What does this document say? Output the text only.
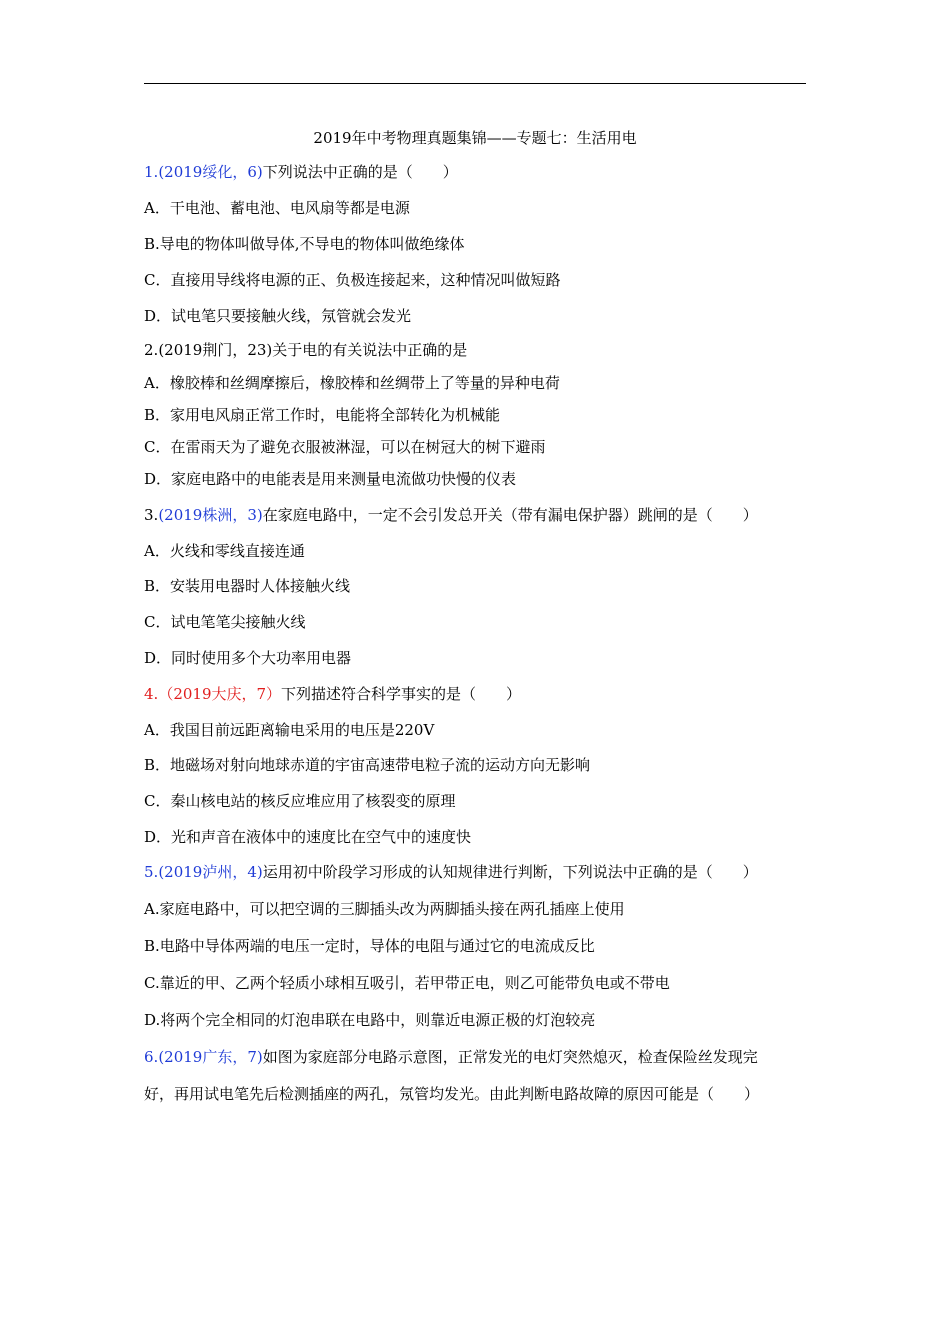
2019年中考物理真题集锦——专题七：生活用电
1.(2019绥化，6)下列说法中正确的是（　　）
A．干电池、蓄电池、电风扇等都是电源
B.导电的物体叫做导体,不导电的物体叫做绝缘体
C．直接用导线将电源的正、负极连接起来，这种情况叫做短路
D．试电笔只要接触火线，氖管就会发光
2.(2019荆门，23)关于电的有关说法中正确的是
A．橡胶棒和丝绸摩擦后，橡胶棒和丝绸带上了等量的异种电荷
B．家用电风扇正常工作时，电能将全部转化为机械能
C．在雷雨天为了避免衣服被淋湿，可以在树冠大的树下避雨
D．家庭电路中的电能表是用来测量电流做功快慢的仪表
3.(2019株洲，3)在家庭电路中，一定不会引发总开关（带有漏电保护器）跳闸的是（　　）
A．火线和零线直接连通
B．安装用电器时人体接触火线
C．试电笔笔尖接触火线
D．同时使用多个大功率用电器
4.（2019大庆，7）下列描述符合科学事实的是（　　）
A．我国目前远距离输电采用的电压是220V
B．地磁场对射向地球赤道的宇宙高速带电粒子流的运动方向无影响
C．秦山核电站的核反应堆应用了核裂变的原理
D．光和声音在液体中的速度比在空气中的速度快
5.(2019泸州，4)运用初中阶段学习形成的认知规律进行判断，下列说法中正确的是（　　）
A.家庭电路中，可以把空调的三脚插头改为两脚插头接在两孔插座上使用
B.电路中导体两端的电压一定时，导体的电阻与通过它的电流成反比
C.靠近的甲、乙两个轻质小球相互吸引，若甲带正电，则乙可能带负电或不带电
D.将两个完全相同的灯泡串联在电路中，则靠近电源正极的灯泡较亮
6.(2019广东，7)如图为家庭部分电路示意图，正常发光的电灯突然熄灭，检查保险丝发现完
好，再用试电笔先后检测插座的两孔，氖管均发光。由此判断电路故障的原因可能是（　　）
